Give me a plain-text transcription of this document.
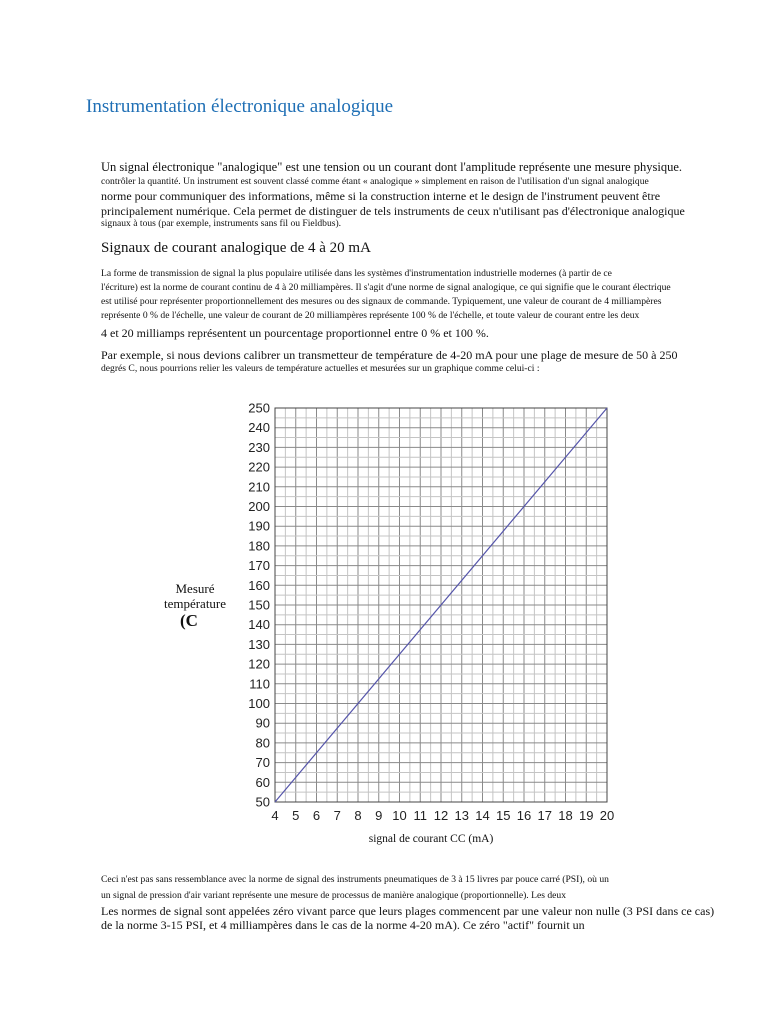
Instrumentation électronique analogique

Un signal électronique "analogique" est une tension ou un courant dont l'amplitude représente une mesure physique.

contrôler la quantité. Un instrument est souvent classé comme étant « analogique » simplement en raison de l'utilisation d'un signal analogique

norme pour communiquer des informations, même si la construction interne et le design de l'instrument peuvent être

principalement numérique. Cela permet de distinguer de tels instruments de ceux n'utilisant pas d'électronique analogique

signaux à tous (par exemple, instruments sans fil ou Fieldbus).

Signaux de courant analogique de 4 à 20 mA

La forme de transmission de signal la plus populaire utilisée dans les systèmes d'instrumentation industrielle modernes (à partir de ce

l'écriture) est la norme de courant continu de 4 à 20 milliampères. Il s'agit d'une norme de signal analogique, ce qui signifie que le courant électrique

est utilisé pour représenter proportionnellement des mesures ou des signaux de commande. Typiquement, une valeur de courant de 4 milliampères

représente 0 % de l'échelle, une valeur de courant de 20 milliampères représente 100 % de l'échelle, et toute valeur de courant entre les deux

4 et 20 milliamps représentent un pourcentage proportionnel entre 0 % et 100 %.

Par exemple, si nous devions calibrer un transmetteur de température de 4-20 mA pour une plage de mesure de 50 à 250

degrés C, nous pourrions relier les valeurs de température actuelles et mesurées sur un graphique comme celui-ci :

50
60
70
80
90
100
110
120
130
140
150
160
170
180
190
200
210
220
230
240
250
4 5 6 7 8 9 10 11 12 13 14 15 16 17 18 19 20
signal de courant CC (mA)
Mesuré
température
(C

Ceci n'est pas sans ressemblance avec la norme de signal des instruments pneumatiques de 3 à 15 livres par pouce carré (PSI), où un

un signal de pression d'air variant représente une mesure de processus de manière analogique (proportionnelle). Les deux

Les normes de signal sont appelées zéro vivant parce que leurs plages commencent par une valeur non nulle (3 PSI dans ce cas)

de la norme 3-15 PSI, et 4 milliampères dans le cas de la norme 4-20 mA). Ce zéro "actif" fournit un
